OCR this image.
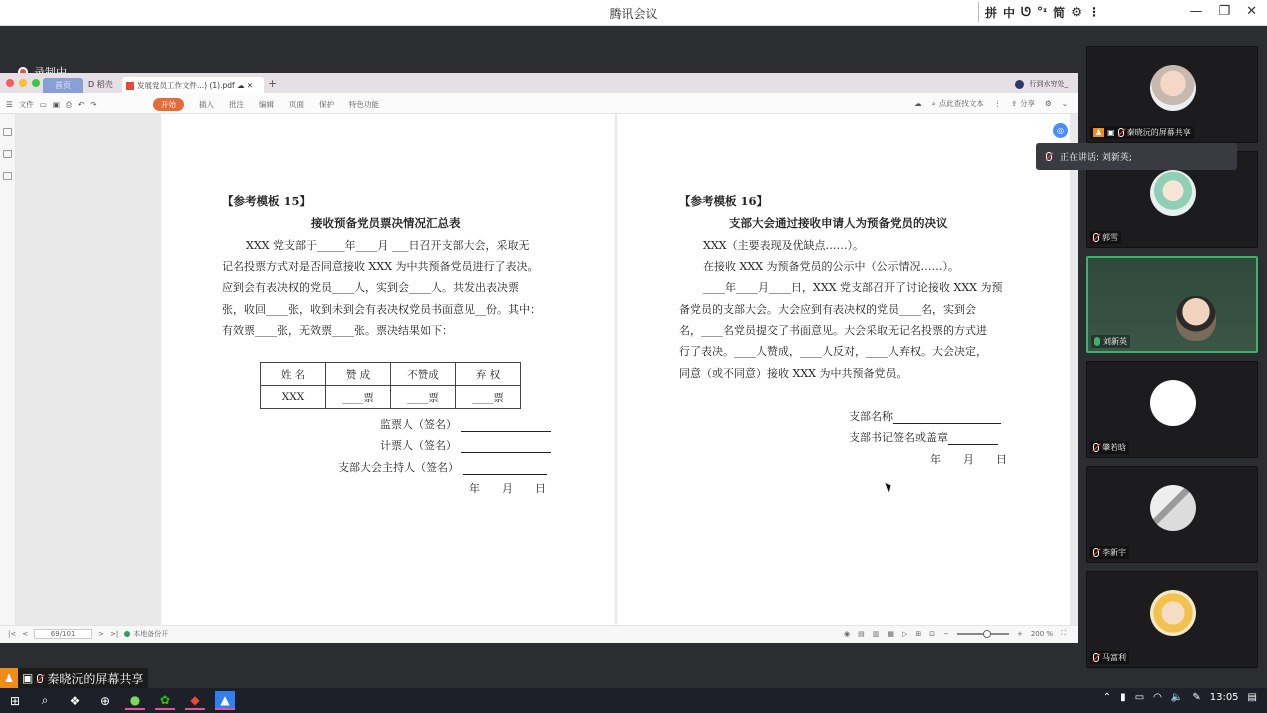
腾讯会议	拼 中 ᘎ °ᶦ 简 ⚙ ⋮	— ❐ ✕
首页	D 稻壳	发展党员工作文件...) (1).pdf ☁ ✕	+	行到水穷处_
☰ 文件 ▭ ▣ ⎙ ↶ ↷	开始	插入 批注 编辑 页面 保护 特色功能	☁ ⌕ 点此查找文本 ⋮ ⇪ 分享 ⚙ ⌄
【参考模板 15】
接收预备党员票决情况汇总表
XXX 党支部于_____年____月 ___日召开支部大会，采取无
记名投票方式对是否同意接收 XXX 为中共预备党员进行了表决。
应到会有表决权的党员____人，实到会____人。共发出表决票
张，收回____张，收到未到会有表决权党员书面意见__份。其中：
有效票____张，无效票____张。票决结果如下：
姓 名	赞 成	不赞成	弃 权
XXX	____票	____票	____票
监票人（签名）
计票人（签名）
支部大会主持人（签名）
年　　月　　日
【参考模板 16】
支部大会通过接收申请人为预备党员的决议
XXX（主要表现及优缺点……）。
在接收 XXX 为预备党员的公示中（公示情况……）。
____年____月____日，XXX 党支部召开了讨论接收 XXX 为预
备党员的支部大会。大会应到有表决权的党员____名，实到会
名，____名党员提交了书面意见。大会采取无记名投票的方式进
行了表决。____人赞成，____人反对，____人弃权。大会决定，
同意（或不同意）接收 XXX 为中共预备党员。
支部名称
支部书记签名或盖章
年　　月　　日
|< <	69/101	> >| 本地备份开	◉ ▤ ▥ ▦ ▷ ⊞ ⊡ −	+ 200 % ⛶
◎
♟ ▣ 秦晓沅的屏幕共享
♟ ▣ 秦晓沅的屏幕共享
郭雪
刘新英
肇若晗
李新宇
马富利
正在讲话: 刘新英;
⊞	⌕	❖	⊕	●	✿	◆	▲	⌃ ▮ ▭ ◠ 🔈 ✎ 13:05 ▤
